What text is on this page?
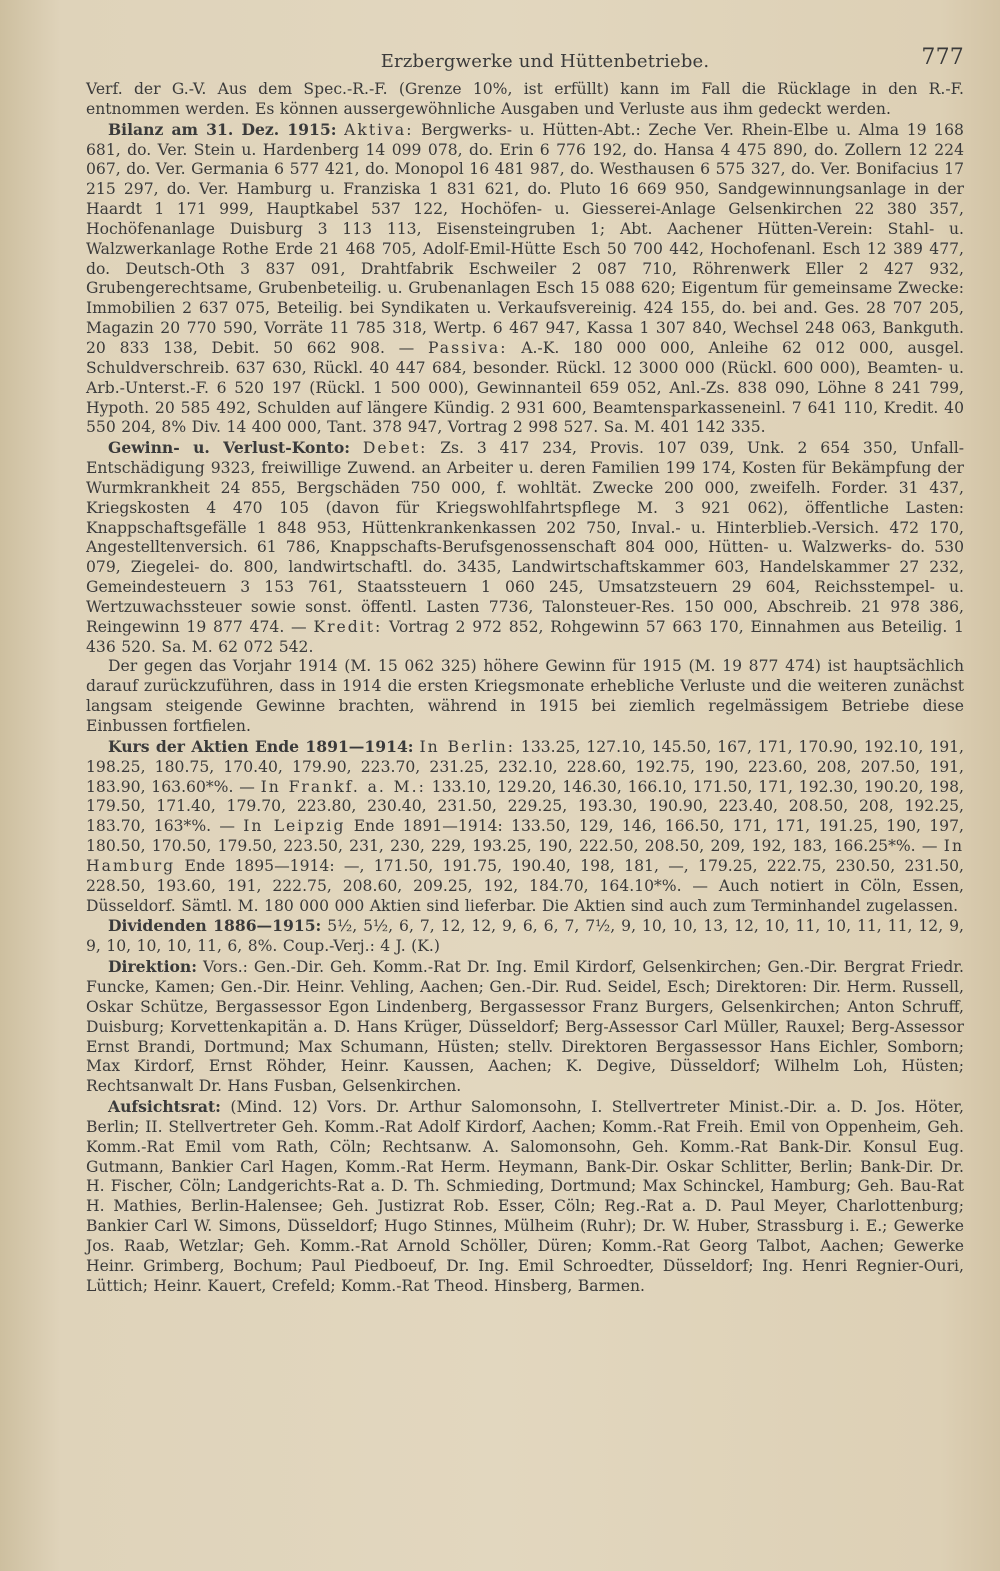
Erzbergwerke und Hüttenbetriebe.	777

Verf. der G.-V. Aus dem Spec.-R.-F. (Grenze 10%, ist erfüllt) kann im Fall die Rücklage in den R.-F. entnommen werden. Es können aussergewöhnliche Ausgaben und Verluste aus ihm gedeckt werden.

Bilanz am 31. Dez. 1915: Aktiva: Bergwerks- u. Hütten-Abt.: Zeche Ver. Rhein-Elbe u. Alma 19 168 681, do. Ver. Stein u. Hardenberg 14 099 078, do. Erin 6 776 192, do. Hansa 4 475 890, do. Zollern 12 224 067, do. Ver. Germania 6 577 421, do. Monopol 16 481 987, do. Westhausen 6 575 327, do. Ver. Bonifacius 17 215 297, do. Ver. Hamburg u. Franziska 1 831 621, do. Pluto 16 669 950, Sandgewinnungsanlage in der Haardt 1 171 999, Hauptkabel 537 122, Hochöfen- u. Giesserei-Anlage Gelsenkirchen 22 380 357, Hochöfenanlage Duisburg 3 113 113, Eisensteingruben 1; Abt. Aachener Hütten-Verein: Stahl- u. Walzwerkanlage Rothe Erde 21 468 705, Adolf-Emil-Hütte Esch 50 700 442, Hochofenanl. Esch 12 389 477, do. Deutsch-Oth 3 837 091, Drahtfabrik Eschweiler 2 087 710, Röhrenwerk Eller 2 427 932, Grubengerechtsame, Grubenbeteilig. u. Grubenanlagen Esch 15 088 620; Eigentum für gemeinsame Zwecke: Immobilien 2 637 075, Beteilig. bei Syndikaten u. Verkaufsvereinig. 424 155, do. bei and. Ges. 28 707 205, Magazin 20 770 590, Vorräte 11 785 318, Wertp. 6 467 947, Kassa 1 307 840, Wechsel 248 063, Bankguth. 20 833 138, Debit. 50 662 908. — Passiva: A.-K. 180 000 000, Anleihe 62 012 000, ausgel. Schuldverschreib. 637 630, Rückl. 40 447 684, besonder. Rückl. 12 3000 000 (Rückl. 600 000), Beamten- u. Arb.-Unterst.-F. 6 520 197 (Rückl. 1 500 000), Gewinnanteil 659 052, Anl.-Zs. 838 090, Löhne 8 241 799, Hypoth. 20 585 492, Schulden auf längere Kündig. 2 931 600, Beamtensparkasseneinl. 7 641 110, Kredit. 40 550 204, 8% Div. 14 400 000, Tant. 378 947, Vortrag 2 998 527. Sa. M. 401 142 335.

Gewinn- u. Verlust-Konto: Debet: Zs. 3 417 234, Provis. 107 039, Unk. 2 654 350, Unfall-Entschädigung 9323, freiwillige Zuwend. an Arbeiter u. deren Familien 199 174, Kosten für Bekämpfung der Wurmkrankheit 24 855, Bergschäden 750 000, f. wohltät. Zwecke 200 000, zweifelh. Forder. 31 437, Kriegskosten 4 470 105 (davon für Kriegswohlfahrtspflege M. 3 921 062), öffentliche Lasten: Knappschaftsgefälle 1 848 953, Hüttenkrankenkassen 202 750, Inval.- u. Hinterblieb.-Versich. 472 170, Angestelltenversich. 61 786, Knappschafts-Berufsgenossenschaft 804 000, Hütten- u. Walzwerks- do. 530 079, Ziegelei- do. 800, landwirtschaftl. do. 3435, Landwirtschaftskammer 603, Handelskammer 27 232, Gemeindesteuern 3 153 761, Staatssteuern 1 060 245, Umsatzsteuern 29 604, Reichsstempel- u. Wertzuwachssteuer sowie sonst. öffentl. Lasten 7736, Talonsteuer-Res. 150 000, Abschreib. 21 978 386, Reingewinn 19 877 474. — Kredit: Vortrag 2 972 852, Rohgewinn 57 663 170, Einnahmen aus Beteilig. 1 436 520. Sa. M. 62 072 542.

Der gegen das Vorjahr 1914 (M. 15 062 325) höhere Gewinn für 1915 (M. 19 877 474) ist hauptsächlich darauf zurückzuführen, dass in 1914 die ersten Kriegsmonate erhebliche Verluste und die weiteren zunächst langsam steigende Gewinne brachten, während in 1915 bei ziemlich regelmässigem Betriebe diese Einbussen fortfielen.

Kurs der Aktien Ende 1891—1914: In Berlin: 133.25, 127.10, 145.50, 167, 171, 170.90, 192.10, 191, 198.25, 180.75, 170.40, 179.90, 223.70, 231.25, 232.10, 228.60, 192.75, 190, 223.60, 208, 207.50, 191, 183.90, 163.60*%. — In Frankf. a. M.: 133.10, 129.20, 146.30, 166.10, 171.50, 171, 192.30, 190.20, 198, 179.50, 171.40, 179.70, 223.80, 230.40, 231.50, 229.25, 193.30, 190.90, 223.40, 208.50, 208, 192.25, 183.70, 163*%. — In Leipzig Ende 1891—1914: 133.50, 129, 146, 166.50, 171, 171, 191.25, 190, 197, 180.50, 170.50, 179.50, 223.50, 231, 230, 229, 193.25, 190, 222.50, 208.50, 209, 192, 183, 166.25*%. — In Hamburg Ende 1895—1914: —, 171.50, 191.75, 190.40, 198, 181, —, 179.25, 222.75, 230.50, 231.50, 228.50, 193.60, 191, 222.75, 208.60, 209.25, 192, 184.70, 164.10*%. — Auch notiert in Cöln, Essen, Düsseldorf. Sämtl. M. 180 000 000 Aktien sind lieferbar. Die Aktien sind auch zum Terminhandel zugelassen.

Dividenden 1886—1915: 5½, 5½, 6, 7, 12, 12, 9, 6, 6, 7, 7½, 9, 10, 10, 13, 12, 10, 11, 10, 11, 11, 12, 9, 9, 10, 10, 10, 11, 6, 8%. Coup.-Verj.: 4 J. (K.)

Direktion: Vors.: Gen.-Dir. Geh. Komm.-Rat Dr. Ing. Emil Kirdorf, Gelsenkirchen; Gen.-Dir. Bergrat Friedr. Funcke, Kamen; Gen.-Dir. Heinr. Vehling, Aachen; Gen.-Dir. Rud. Seidel, Esch; Direktoren: Dir. Herm. Russell, Oskar Schütze, Bergassessor Egon Lindenberg, Bergassessor Franz Burgers, Gelsenkirchen; Anton Schruff, Duisburg; Korvettenkapitän a. D. Hans Krüger, Düsseldorf; Berg-Assessor Carl Müller, Rauxel; Berg-Assessor Ernst Brandi, Dortmund; Max Schumann, Hüsten; stellv. Direktoren Bergassessor Hans Eichler, Somborn; Max Kirdorf, Ernst Röhder, Heinr. Kaussen, Aachen; K. Degive, Düsseldorf; Wilhelm Loh, Hüsten; Rechtsanwalt Dr. Hans Fusban, Gelsenkirchen.

Aufsichtsrat: (Mind. 12) Vors. Dr. Arthur Salomonsohn, I. Stellvertreter Minist.-Dir. a. D. Jos. Höter, Berlin; II. Stellvertreter Geh. Komm.-Rat Adolf Kirdorf, Aachen; Komm.-Rat Freih. Emil von Oppenheim, Geh. Komm.-Rat Emil vom Rath, Cöln; Rechtsanw. A. Salomonsohn, Geh. Komm.-Rat Bank-Dir. Konsul Eug. Gutmann, Bankier Carl Hagen, Komm.-Rat Herm. Heymann, Bank-Dir. Oskar Schlitter, Berlin; Bank-Dir. Dr. H. Fischer, Cöln; Landgerichts-Rat a. D. Th. Schmieding, Dortmund; Max Schinckel, Hamburg; Geh. Bau-Rat H. Mathies, Berlin-Halensee; Geh. Justizrat Rob. Esser, Cöln; Reg.-Rat a. D. Paul Meyer, Charlottenburg; Bankier Carl W. Simons, Düsseldorf; Hugo Stinnes, Mülheim (Ruhr); Dr. W. Huber, Strassburg i. E.; Gewerke Jos. Raab, Wetzlar; Geh. Komm.-Rat Arnold Schöller, Düren; Komm.-Rat Georg Talbot, Aachen; Gewerke Heinr. Grimberg, Bochum; Paul Piedboeuf, Dr. Ing. Emil Schroedter, Düsseldorf; Ing. Henri Regnier-Ouri, Lüttich; Heinr. Kauert, Crefeld; Komm.-Rat Theod. Hinsberg, Barmen.
